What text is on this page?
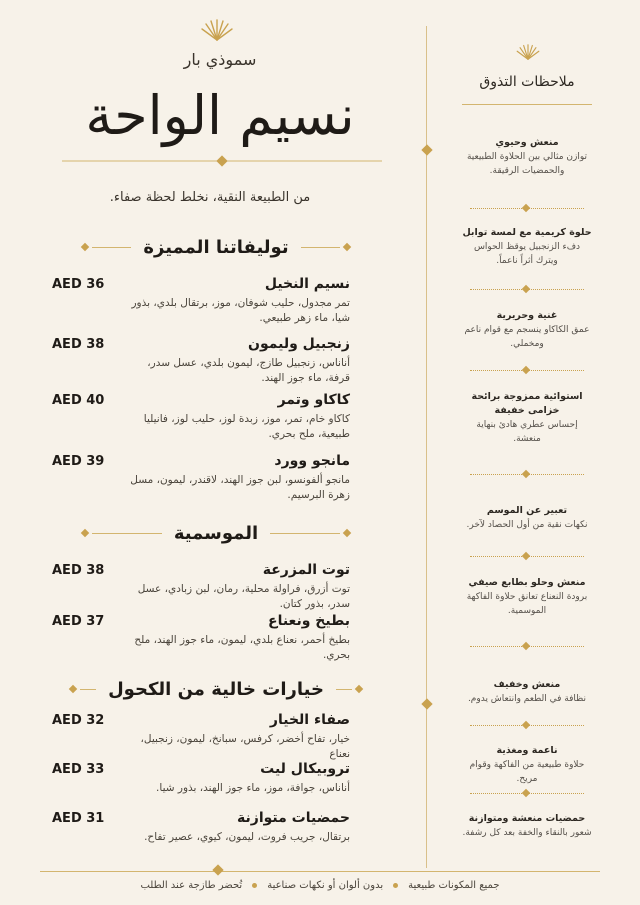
سموذي بار
نسيم الواحة
من الطبيعة النقية، نخلط لحظة صفاء.
توليفاتنا المميزة
نسيم النخيل
AED 36
تمر مجدول، حليب شوفان، موز، برتقال بلدي، بذور شيا، ماء زهر طبيعي.
زنجبيل وليمون
AED 38
أناناس، زنجبيل طازج، ليمون بلدي، عسل سدر، قرفة، ماء جوز الهند.
كاكاو وتمر
AED 40
كاكاو خام، تمر، موز، زبدة لوز، حليب لوز، فانيليا طبيعية، ملح بحري.
مانجو وورد
AED 39
مانجو ألفونسو، لبن جوز الهند، لاقندر، ليمون، مسل زهرة البرسيم.
الموسمية
توت المزرعة
AED 38
توت أزرق، فراولة محلية، رمان، لبن زبادي، عسل سدر، بذور كتان.
بطيخ ونعناع
AED 37
بطيخ أحمر، نعناع بلدي، ليمون، ماء جوز الهند، ملح بحري.
خيارات خالية من الكحول
صفاء الخيار
AED 32
خيار، تفاح أخضر، كرفس، سبانخ، ليمون، زنجبيل، نعناع
تروبيكال ليت
AED 33
أناناس، جوافة، موز، ماء جوز الهند، بذور شيا.
حمضيات متوازنة
AED 31
برتقال، جريب فروت، ليمون، كيوي، عصير تفاح.
ملاحظات التذوق
منعش وحيوي
توازن مثالي بين الحلاوة الطبيعية والحمضيات الرقيقة.
حلوة كريمية مع لمسة توابل
دفء الزنجبيل يوقظ الحواس ويترك أثراً ناعماً.
غنية وحريرية
عمق الكاكاو ينسجم مع قوام ناعم ومخملي.
استوائية ممزوجة برائحة خزامى خفيفة
إحساس عطري هادئ بنهاية منعشة.
تعبير عن الموسم
نكهات نقية من أول الحصاد لآخر.
منعش وحلو بطابع صيفي
برودة النعناع تعانق حلاوة الفاكهة الموسمية.
منعش وخفيف
نظافة في الطعم وانتعاش يدوم.
ناعمة ومغذية
حلاوة طبيعية من الفاكهة وقوام مريح.
حمضيات منعشة ومتوازنة
شعور بالنقاء والخفة بعد كل رشفة.
جميع المكونات طبيعية
بدون ألوان أو نكهات صناعية
تُحضر طازجة عند الطلب
